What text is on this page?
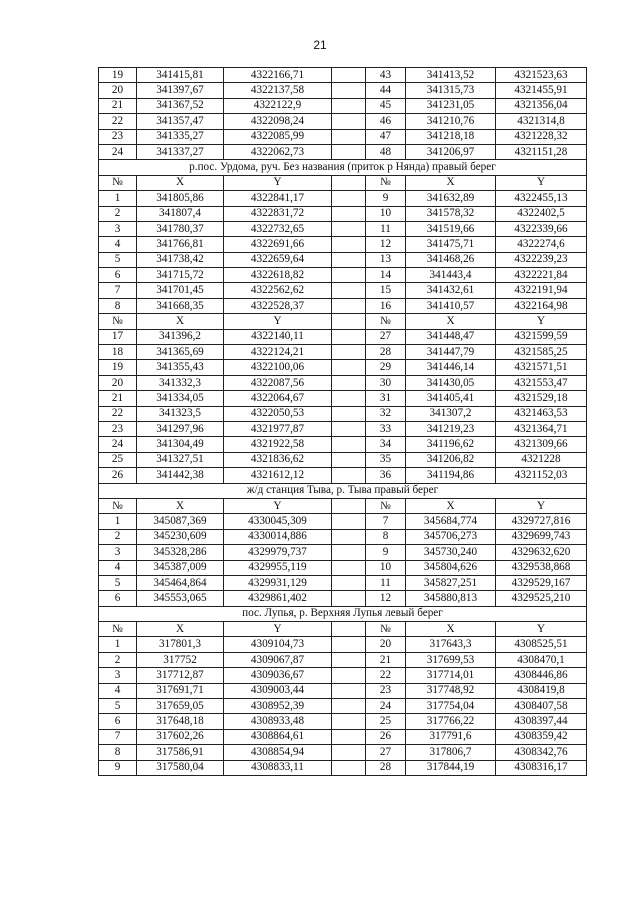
21
19	341415,81	4322166,71		43	341413,52	4321523,63
20	341397,67	4322137,58		44	341315,73	4321455,91
21	341367,52	4322122,9		45	341231,05	4321356,04
22	341357,47	4322098,24		46	341210,76	4321314,8
23	341335,27	4322085,99		47	341218,18	4321228,32
24	341337,27	4322062,73		48	341206,97	4321151,28
р.пос. Урдома, руч. Без названия (приток р Нянда) правый берег						
№	X	Y		№	X	Y
1	341805,86	4322841,17		9	341632,89	4322455,13
2	341807,4	4322831,72		10	341578,32	4322402,5
3	341780,37	4322732,65		11	341519,66	4322339,66
4	341766,81	4322691,66		12	341475,71	4322274,6
5	341738,42	4322659,64		13	341468,26	4322239,23
6	341715,72	4322618,82		14	341443,4	4322221,84
7	341701,45	4322562,62		15	341432,61	4322191,94
8	341668,35	4322528,37		16	341410,57	4322164,98
№	X	Y		№	X	Y
17	341396,2	4322140,11		27	341448,47	4321599,59
18	341365,69	4322124,21		28	341447,79	4321585,25
19	341355,43	4322100,06		29	341446,14	4321571,51
20	341332,3	4322087,56		30	341430,05	4321553,47
21	341334,05	4322064,67		31	341405,41	4321529,18
22	341323,5	4322050,53		32	341307,2	4321463,53
23	341297,96	4321977,87		33	341219,23	4321364,71
24	341304,49	4321922,58		34	341196,62	4321309,66
25	341327,51	4321836,62		35	341206,82	4321228
26	341442,38	4321612,12		36	341194,86	4321152,03
ж/д станция Тыва, р. Тыва правый берег						
№	X	Y		№	X	Y
1	345087,369	4330045,309		7	345684,774	4329727,816
2	345230,609	4330014,886		8	345706,273	4329699,743
3	345328,286	4329979,737		9	345730,240	4329632,620
4	345387,009	4329955,119		10	345804,626	4329538,868
5	345464,864	4329931,129		11	345827,251	4329529,167
6	345553,065	4329861,402		12	345880,813	4329525,210
пос. Лупья, р. Верхняя Лупья левый берег						
№	X	Y		№	X	Y
1	317801,3	4309104,73		20	317643,3	4308525,51
2	317752	4309067,87		21	317699,53	4308470,1
3	317712,87	4309036,67		22	317714,01	4308446,86
4	317691,71	4309003,44		23	317748,92	4308419,8
5	317659,05	4308952,39		24	317754,04	4308407,58
6	317648,18	4308933,48		25	317766,22	4308397,44
7	317602,26	4308864,61		26	317791,6	4308359,42
8	317586,91	4308854,94		27	317806,7	4308342,76
9	317580,04	4308833,11		28	317844,19	4308316,17
